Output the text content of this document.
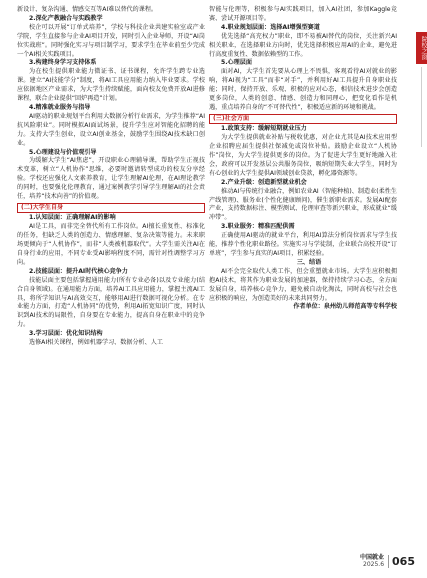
新设计、复杂沟通、情感交互等AI难以替代的课程。

2.深化产教融合与实践教学

校企可以开展“订单式培养”，学校与科技企业共建实验室或产业学院，学生直接参与企业AI项目开发，同时引入企业导师，开设“AI岗位实战班”。同时强化实习与项目制学习，要求学生在毕业前至少完成一个AI相关实践项目。

3.构建终身学习支持体系

为在校生提供职业能力微证书、证书课程，允许学生跨专业选课。建立“AI技能学分”制度，将AI工具应用能力纳入毕业要求。学校应依据地区产业需求，为大学生持续赋能，面向校友免费开放AI进修课程，联合企业提供“回炉再造”计划。

4.精准就业服务与指导

AI驱动的职业规划平台利用大数据分析行业需求，为学生推荐“AI抗风险职业”。同时模拟AI面试场景，提升学生应对智能化招聘的能力。支持大学生创业，设立AI创业基金，鼓励学生围绕AI技术缺口创业。

5.心理建设与价值观引导

为缓解大学生“AI焦虑”，开设职业心理辅导课，帮助学生正视技术变革，树立“人机协作”思维，必要时邀请转型成功的校友分享经验。学校还应强化人文素养教育，让学生理解AI伦理，在AI理论教学的同时，也要强化伦理教育，通过案例教学引导学生理解AI的社会责任，培养“技术向善”的价值观。

(二)大学生自身

1.认知层面：正确理解AI的影响

AI是工具，而非完全替代所有工作岗位。AI擅长重复性、标准化的任务，但缺乏人类的创造力、情感理解、复杂决策等能力。未来职场更倾向于“人机协作”，而非“人类被机器取代”。大学生需关注AI在自身行业的应用，不同专业受AI影响程度不同，需针对性调整学习方向。

2.技能层面：提升AI时代核心竞争力

技能层面主要包括掌握通用能力(所有专业必备)以及专业能力(结合自身领域)。在通用能力方面，培养AI工具应用能力，掌握主流AI工具，将所学知识与AI高效交互，能够用AI进行数据可视化分析。在专业能力方面，打造“人机协同”的优势，利用AI拓宽知识广度，同时认识到AI技术的局限性，自身要在专业能力，提高自身在职业中的竞争力。

3.学习层面：优化知识结构

选修AI相关课程，例如机器学习、数据分析、人工

智能与伦理等，积极参与AI实践项目，加入AI社团，参加Kaggle竞赛、尝试开源项目等。

4.职业规划层面：选择AI增强型赛道

优先选择“高充权力”职业，即不易被AI替代的岗位，关注新兴AI相关职业，在选择职业方向时，优先选择积极应用AI的企业，避免进行高度重复性、数据依赖型的工作。

5.心理层面

面对AI，大学生首先要从心理上不畏惧，客观看待AI对就业的影响，将AI视为“工具”而非“对手”，并利用好AI工具提升自身职业技能；同时，保持开放、乐观、积极的应对心态，相信技术进步会创造更多岗位，人类的创意、情感、创造力和同理心，把变化看作是机遇，重点培养自身的“不可替代性”，积极适应新的环境和挑战。

(三)社会方面

1.政策支持：缓解短期就业压力

为大学生提供就业补贴与税收优惠，对企业尤其是AI技术应用型企业招聘应届生提供社保减免或岗位补贴。鼓励企业设立“人机协作”岗位，为大学生提供更多的岗位。为了促进大学生更好地融入社会，政府可以开发基层公共服务岗位，吸纳短期失业大学生，同时为有心创业的大学生提供AI领域创业贷款，孵化器资源等。

2.产业升级：创造新型就业机会

推动AI与传统行业融合，例如农业AI（智能种植)、制造业(柔性生产线管理)、服务业(个性化健康顾问)，催生新职业需求。发展AI配套产业，支持数据标注、模型测试、伦理审查等新兴职业，形成就业“缓冲带”。

3.职业服务：精准匹配供需

正确使用AI驱动的就业平台，利用AI算法分析岗位需求与学生技能，推荐个性化职业路径。实施实习与学徒制，企业联合高校开设“订单班”，学生参与真实的AI项目，积累经验。

三、结语

AI不会完全取代人类工作，但会重塑就业市场。大学生应积极拥抱AI技术，将其作为职业发展的加速器，保持持续学习心态，全方面发展自身，培养核心竞争力，避免被自动化淘汰，同时高校与社会也应积极的响应，为创造美好的未来共同努力。

作者单位：泉州幼儿师范高等专科学校

院校之窗
中国就业
2025.6 065
